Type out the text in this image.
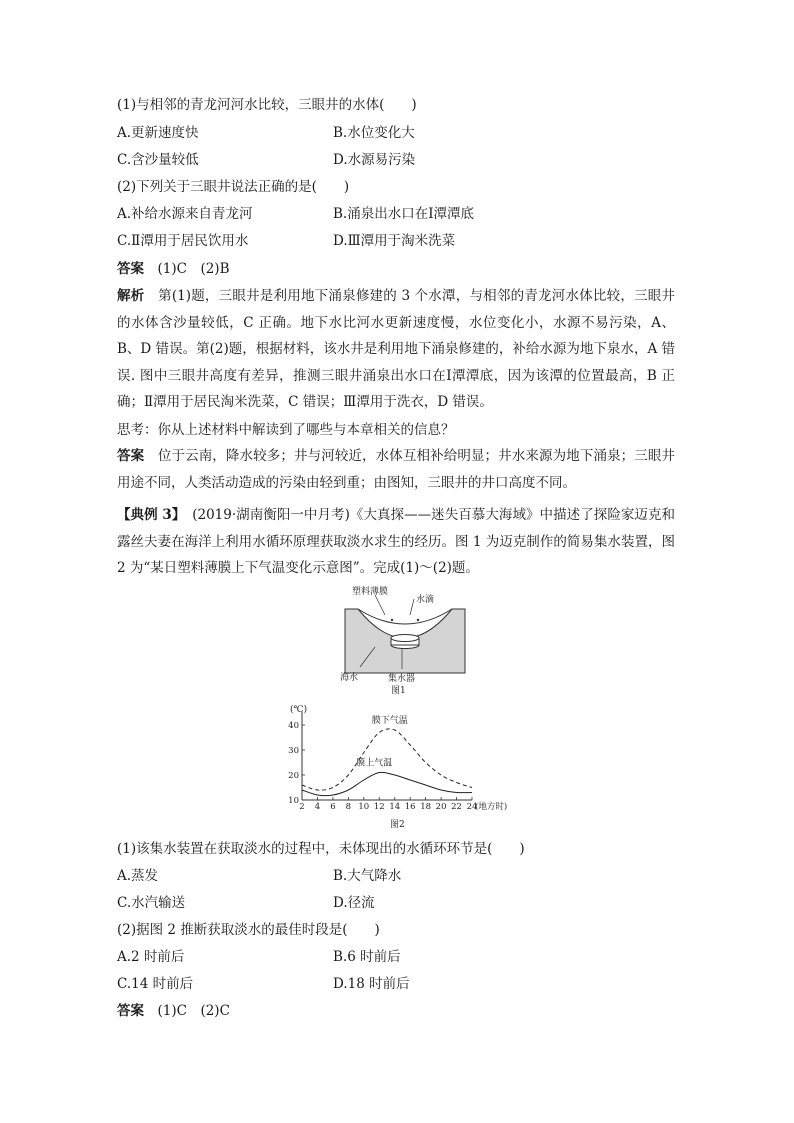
(1)与相邻的青龙河河水比较，三眼井的水体(　　)
A.更新速度快	B.水位变化大
C.含沙量较低	D.水源易污染
(2)下列关于三眼井说法正确的是(　　)
A.补给水源来自青龙河	B.涌泉出水口在Ⅰ潭潭底
C.Ⅱ潭用于居民饮用水	D.Ⅲ潭用于淘米洗菜
答案　 (1)C　(2)B
解析　 第(1)题，三眼井是利用地下涌泉修建的 3 个水潭，与相邻的青龙河水体比较，三眼井的水体含沙量较低，C 正确。地下水比河水更新速度慢，水位变化小，水源不易污染，A、B、D 错误。第(2)题，根据材料，该水井是利用地下涌泉修建的，补给水源为地下泉水，A 错误. 图中三眼井高度有差异，推测三眼井涌泉出水口在Ⅰ潭潭底，因为该潭的位置最高，B 正确；Ⅱ潭用于居民淘米洗菜，C 错误；Ⅲ潭用于洗衣，D 错误。
思考：你从上述材料中解读到了哪些与本章相关的信息？
答案　 位于云南，降水较多；井与河较近，水体互相补给明显；井水来源为地下涌泉；三眼井用途不同，人类活动造成的污染由轻到重；由图知，三眼井的井口高度不同。
【典例 3】　 (2019·湖南衡阳一中月考)《大真探——迷失百慕大海域》中描述了探险家迈克和露丝夫妻在海洋上利用水循环原理获取淡水求生的经历。图 1 为迈克制作的简易集水装置，图 2 为“某日塑料薄膜上下气温变化示意图”。完成(1)～(2)题。
塑料薄膜
水滴
海水	集水器
图1
(℃)
(地方时)
图2
10
20
30
40
2 4 6 8 10 12 14 16 18 20 22 24
膜下气温
膜上气温
(1)该集水装置在获取淡水的过程中，未体现出的水循环环节是(　　)
A.蒸发	B.大气降水
C.水汽输送	D.径流
(2)据图 2 推断获取淡水的最佳时段是(　　)
A.2 时前后	B.6 时前后
C.14 时前后	D.18 时前后
答案　 (1)C　(2)C
